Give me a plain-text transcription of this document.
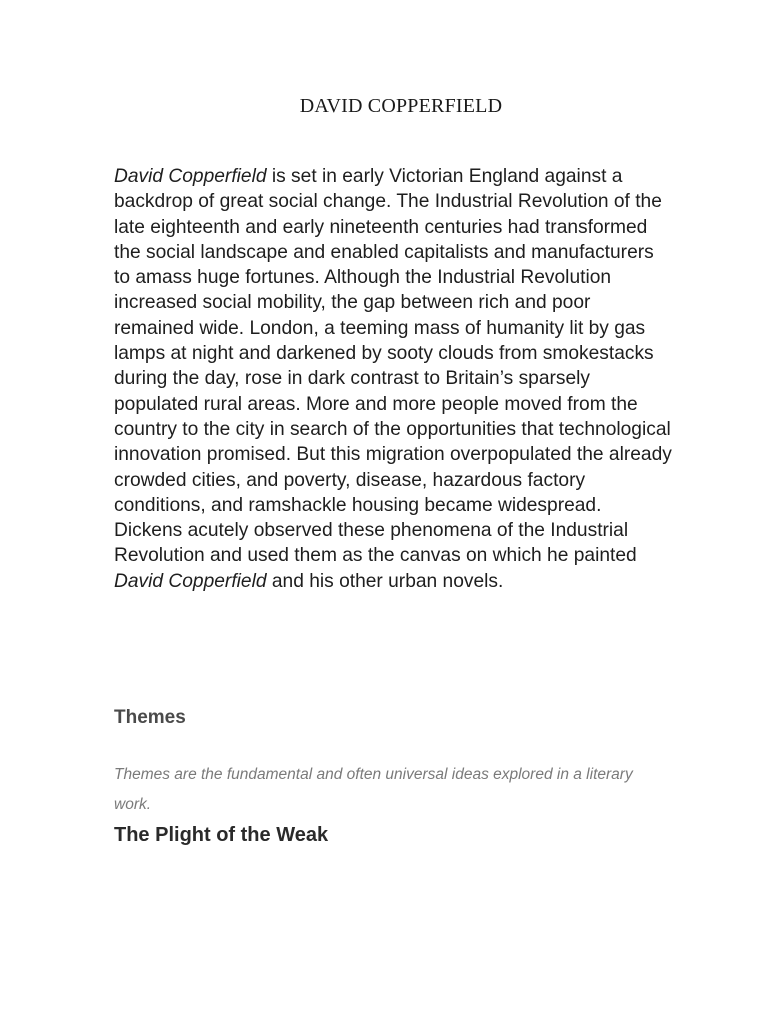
DAVID COPPERFIELD

David Copperfield is set in early Victorian England against a backdrop of great social change. The Industrial Revolution of the late eighteenth and early nineteenth centuries had transformed the social landscape and enabled capitalists and manufacturers to amass huge fortunes. Although the Industrial Revolution increased social mobility, the gap between rich and poor remained wide. London, a teeming mass of humanity lit by gas lamps at night and darkened by sooty clouds from smokestacks during the day, rose in dark contrast to Britain’s sparsely populated rural areas. More and more people moved from the country to the city in search of the opportunities that technological innovation promised. But this migration overpopulated the already crowded cities, and poverty, disease, hazardous factory conditions, and ramshackle housing became widespread. Dickens acutely observed these phenomena of the Industrial Revolution and used them as the canvas on which he painted David Copperfield and his other urban novels.

Themes

Themes are the fundamental and often universal ideas explored in a literary work.

The Plight of the Weak
